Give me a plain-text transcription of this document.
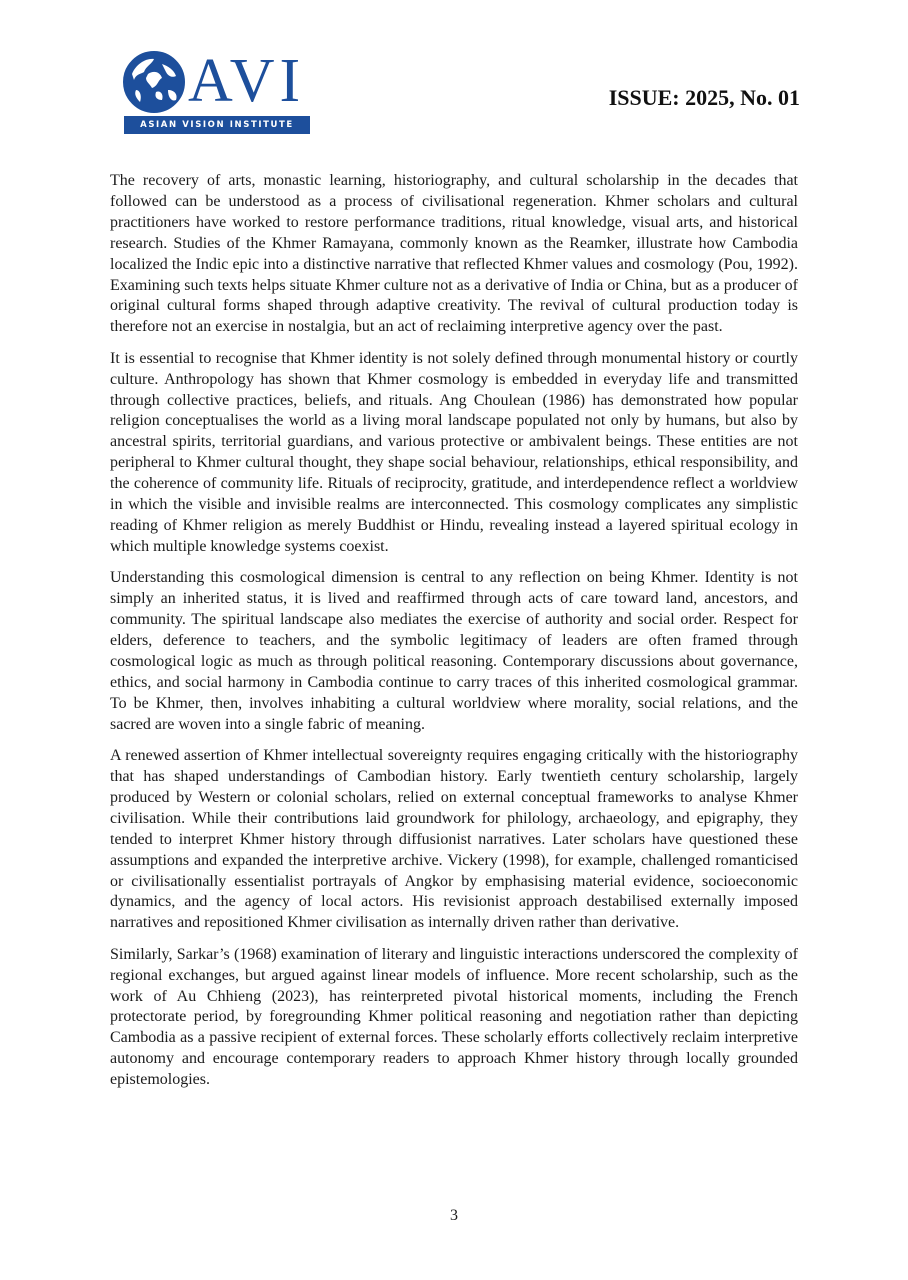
AVI
ASIAN VISION INSTITUTE
ISSUE: 2025, No. 01

The recovery of arts, monastic learning, historiography, and cultural scholarship in the decades that followed can be understood as a process of civilisational regeneration. Khmer scholars and cultural practitioners have worked to restore performance traditions, ritual knowledge, visual arts, and historical research. Studies of the Khmer Ramayana, commonly known as the Reamker, illustrate how Cambodia localized the Indic epic into a distinctive narrative that reflected Khmer values and cosmology (Pou, 1992). Examining such texts helps situate Khmer culture not as a derivative of India or China, but as a producer of original cultural forms shaped through adaptive creativity. The revival of cultural production today is therefore not an exercise in nostalgia, but an act of reclaiming interpretive agency over the past.

It is essential to recognise that Khmer identity is not solely defined through monumental history or courtly culture. Anthropology has shown that Khmer cosmology is embedded in everyday life and transmitted through collective practices, beliefs, and rituals. Ang Choulean (1986) has demonstrated how popular religion conceptualises the world as a living moral landscape populated not only by humans, but also by ancestral spirits, territorial guardians, and various protective or ambivalent beings. These entities are not peripheral to Khmer cultural thought, they shape social behaviour, relationships, ethical responsibility, and the coherence of community life. Rituals of reciprocity, gratitude, and interdependence reflect a worldview in which the visible and invisible realms are interconnected. This cosmology complicates any simplistic reading of Khmer religion as merely Buddhist or Hindu, revealing instead a layered spiritual ecology in which multiple knowledge systems coexist.

Understanding this cosmological dimension is central to any reflection on being Khmer. Identity is not simply an inherited status, it is lived and reaffirmed through acts of care toward land, ancestors, and community. The spiritual landscape also mediates the exercise of authority and social order. Respect for elders, deference to teachers, and the symbolic legitimacy of leaders are often framed through cosmological logic as much as through political reasoning. Contemporary discussions about governance, ethics, and social harmony in Cambodia continue to carry traces of this inherited cosmological grammar. To be Khmer, then, involves inhabiting a cultural worldview where morality, social relations, and the sacred are woven into a single fabric of meaning.

A renewed assertion of Khmer intellectual sovereignty requires engaging critically with the historiography that has shaped understandings of Cambodian history. Early twentieth century scholarship, largely produced by Western or colonial scholars, relied on external conceptual frameworks to analyse Khmer civilisation. While their contributions laid groundwork for philology, archaeology, and epigraphy, they tended to interpret Khmer history through diffusionist narratives. Later scholars have questioned these assumptions and expanded the interpretive archive. Vickery (1998), for example, challenged romanticised or civilisationally essentialist portrayals of Angkor by emphasising material evidence, socioeconomic dynamics, and the agency of local actors. His revisionist approach destabilised externally imposed narratives and repositioned Khmer civilisation as internally driven rather than derivative.

Similarly, Sarkar’s (1968) examination of literary and linguistic interactions underscored the complexity of regional exchanges, but argued against linear models of influence. More recent scholarship, such as the work of Au Chhieng (2023), has reinterpreted pivotal historical moments, including the French protectorate period, by foregrounding Khmer political reasoning and negotiation rather than depicting Cambodia as a passive recipient of external forces. These scholarly efforts collectively reclaim interpretive autonomy and encourage contemporary readers to approach Khmer history through locally grounded epistemologies.

3
